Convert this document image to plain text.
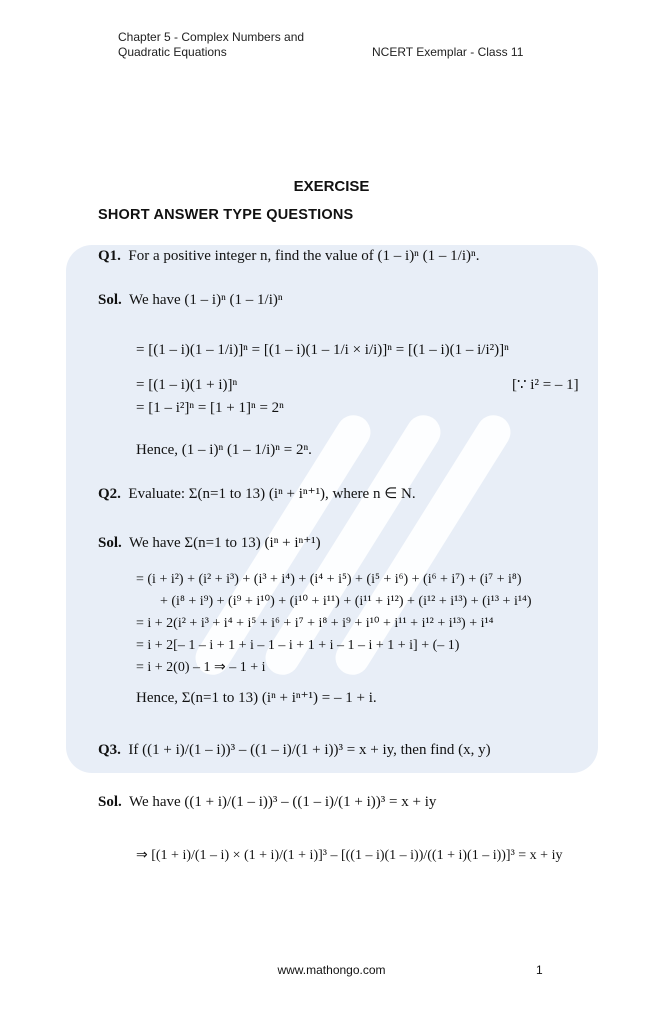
Chapter 5 - Complex Numbers and
Quadratic Equations	NCERT Exemplar - Class 11
EXERCISE
SHORT ANSWER TYPE QUESTIONS
Q1. For a positive integer n, find the value of (1 – i)ⁿ (1 – 1/i)ⁿ.
Sol. We have (1 – i)ⁿ (1 – 1/i)ⁿ
= [(1 – i)(1 – 1/i)]ⁿ = [(1 – i)(1 – 1/i × i/i)]ⁿ = [(1 – i)(1 – i/i²)]ⁿ
= [(1 – i)(1 + i)]ⁿ	[∵ i² = – 1]
= [1 – i²]ⁿ = [1 + 1]ⁿ = 2ⁿ
Hence, (1 – i)ⁿ (1 – 1/i)ⁿ = 2ⁿ.
Q2. Evaluate: Σ(n=1 to 13) (iⁿ + iⁿ⁺¹), where n ∈ N.
Sol. We have Σ(n=1 to 13) (iⁿ + iⁿ⁺¹)
= (i + i²) + (i² + i³) + (i³ + i⁴) + (i⁴ + i⁵) + (i⁵ + i⁶) + (i⁶ + i⁷) + (i⁷ + i⁸)
+ (i⁸ + i⁹) + (i⁹ + i¹⁰) + (i¹⁰ + i¹¹) + (i¹¹ + i¹²) + (i¹² + i¹³) + (i¹³ + i¹⁴)
= i + 2(i² + i³ + i⁴ + i⁵ + i⁶ + i⁷ + i⁸ + i⁹ + i¹⁰ + i¹¹ + i¹² + i¹³) + i¹⁴
= i + 2[– 1 – i + 1 + i – 1 – i + 1 + i – 1 – i + 1 + i] + (– 1)
= i + 2(0) – 1 ⇒ – 1 + i
Hence, Σ(n=1 to 13) (iⁿ + iⁿ⁺¹) = – 1 + i.
Q3. If ((1 + i)/(1 – i))³ – ((1 – i)/(1 + i))³ = x + iy, then find (x, y)
Sol. We have ((1 + i)/(1 – i))³ – ((1 – i)/(1 + i))³ = x + iy
⇒ [(1 + i)/(1 – i) × (1 + i)/(1 + i)]³ – [((1 – i)(1 – i))/((1 + i)(1 – i))]³ = x + iy
www.mathongo.com	1
